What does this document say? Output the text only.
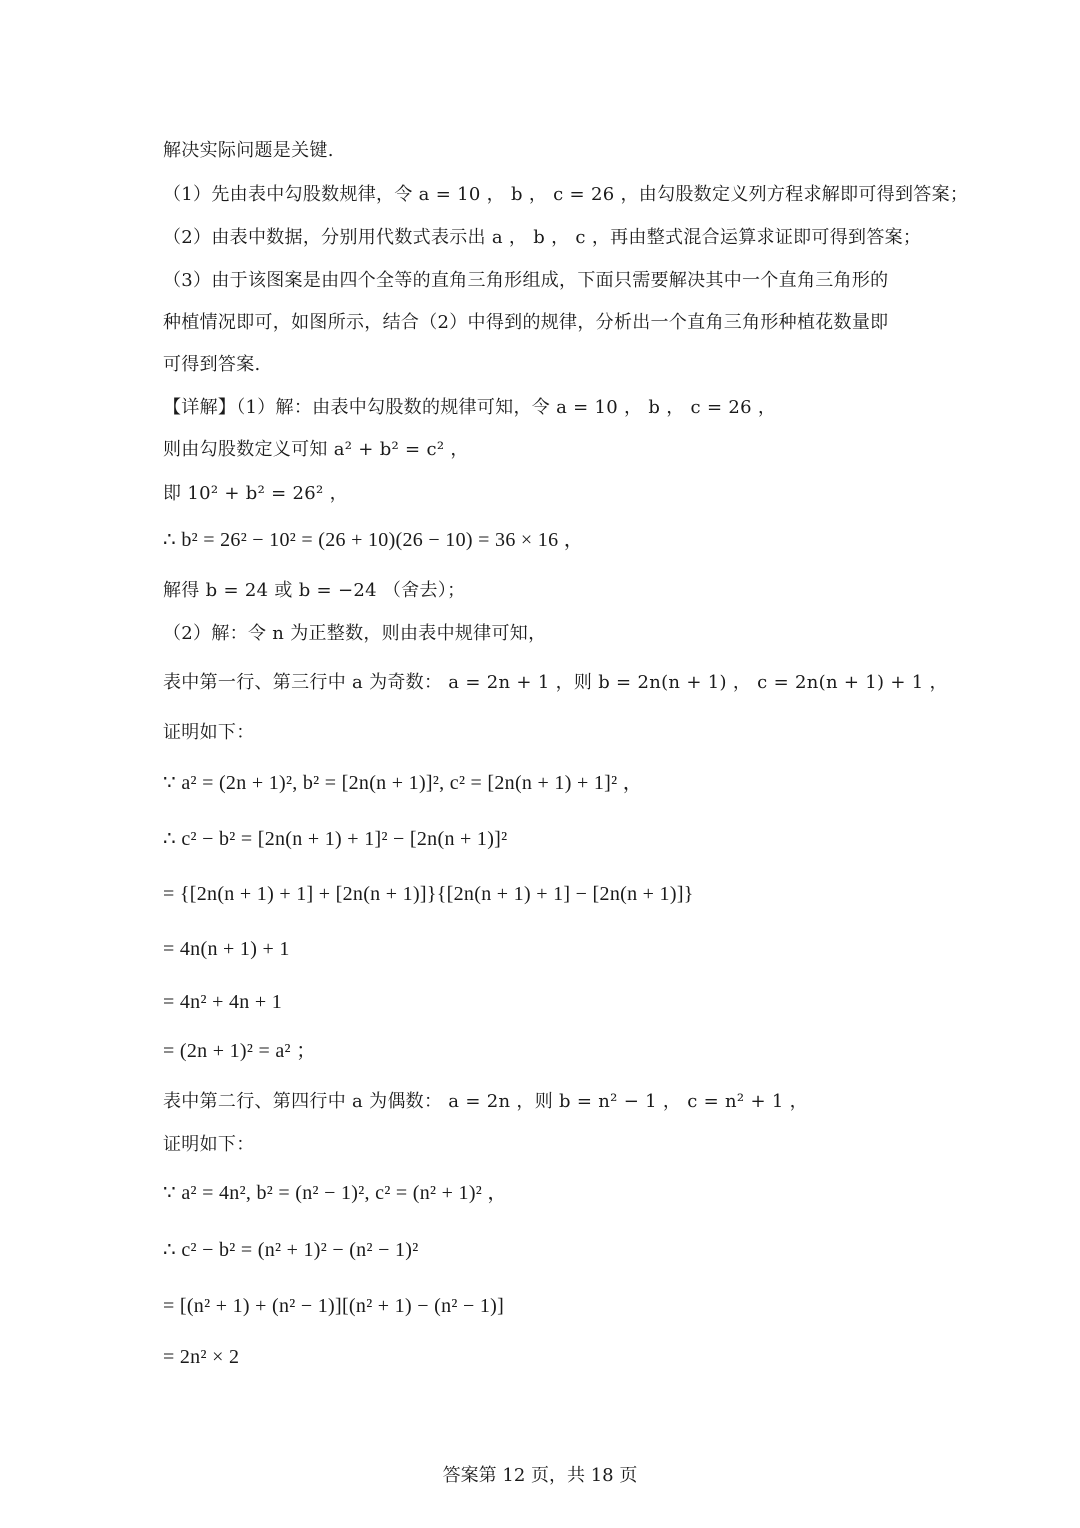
解决实际问题是关键.
（1）先由表中勾股数规律，令 a = 10 ， b ， c = 26 ，由勾股数定义列方程求解即可得到答案；
（2）由表中数据，分别用代数式表示出 a ， b ， c ，再由整式混合运算求证即可得到答案；
（3）由于该图案是由四个全等的直角三角形组成，下面只需要解决其中一个直角三角形的
种植情况即可，如图所示，结合（2）中得到的规律，分析出一个直角三角形种植花数量即
可得到答案.
【详解】（1）解：由表中勾股数的规律可知，令 a = 10 ， b ， c = 26 ，
则由勾股数定义可知 a² + b² = c² ，
即 10² + b² = 26² ，
∴ b² = 26² − 10² = (26 + 10)(26 − 10) = 36 × 16 ，
解得 b = 24 或 b = −24 （舍去）；
（2）解：令 n 为正整数，则由表中规律可知，
表中第一行、第三行中 a 为奇数： a = 2n + 1 ，则 b = 2n(n + 1) ， c = 2n(n + 1) + 1 ，
证明如下：
∵ a² = (2n + 1)², b² = [2n(n + 1)]², c² = [2n(n + 1) + 1]² ，
∴ c² − b² = [2n(n + 1) + 1]² − [2n(n + 1)]²
= {[2n(n + 1) + 1] + [2n(n + 1)]}{[2n(n + 1) + 1] − [2n(n + 1)]}
= 4n(n + 1) + 1
= 4n² + 4n + 1
= (2n + 1)² = a² ；
表中第二行、第四行中 a 为偶数： a = 2n ，则 b = n² − 1 ， c = n² + 1 ，
证明如下：
∵ a² = 4n², b² = (n² − 1)², c² = (n² + 1)² ，
∴ c² − b² = (n² + 1)² − (n² − 1)²
= [(n² + 1) + (n² − 1)][(n² + 1) − (n² − 1)]
= 2n² × 2
答案第 12 页，共 18 页
